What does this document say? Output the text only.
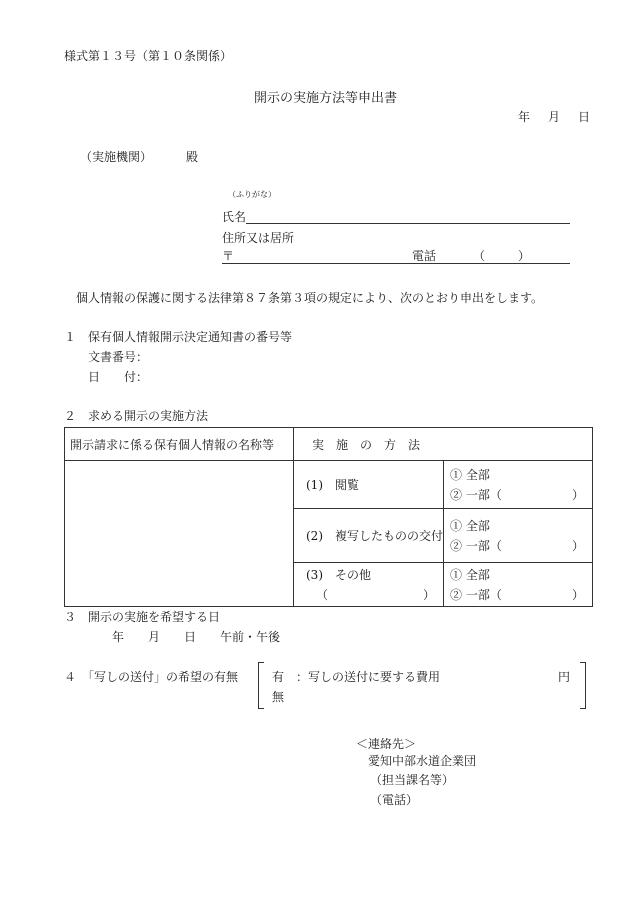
様式第１３号（第１０条関係）
開示の実施方法等申出書
年 月 日
（実施機関）	殿
（ふりがな）
氏名
住所又は居所
〒	電話	（	）
個人情報の保護に関する法律第８７条第３項の規定により、次のとおり申出をします。
１　保有個人情報開示決定通知書の番号等
文書番号：
日　　付：
２　求める開示の実施方法
開示請求に係る保有個人情報の名称等	実　施　の　方　法	
	(1)　閲覧	① 全部
② 一部（ ）

	(2)　複写したものの交付	① 全部
② 一部（ ）

	(3)　その他
（ ）	① 全部
② 一部（ ）
３　開示の実施を希望する日
年　　月　　日　　午前・午後
４　「写しの送付」の希望の有無	有　：写しの送付に要する費用	円
無
＜連絡先＞
愛知中部水道企業団
（担当課名等）
（電話）
